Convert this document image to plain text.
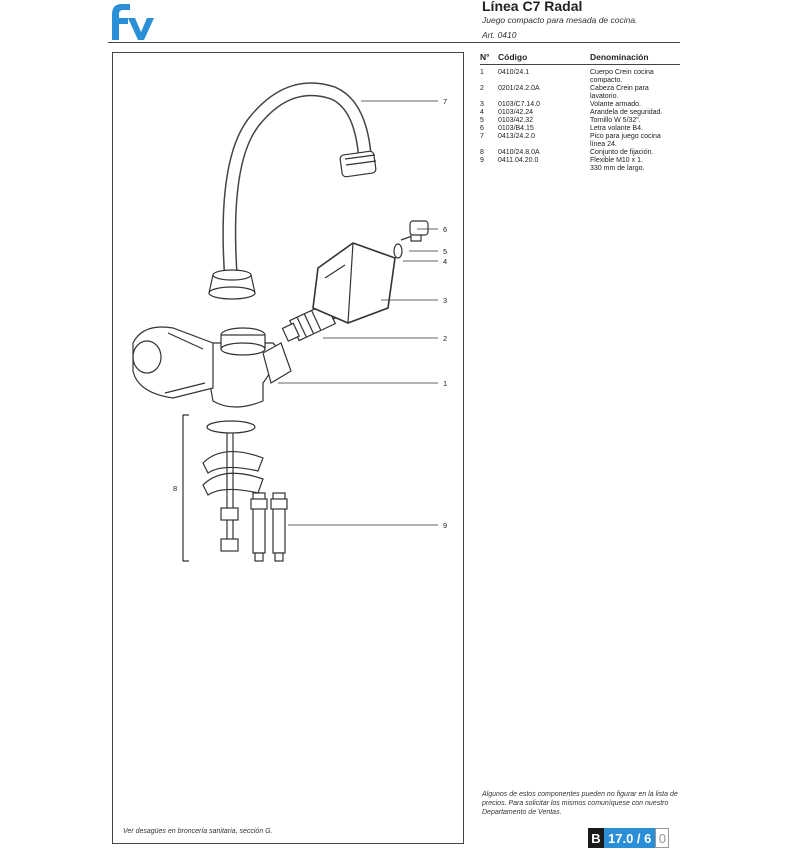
Línea C7 Radal
Juego compacto para mesada de cocina.
Art. 0410
7
6
5
4
3
2
1
8
9
Ver desagües en broncería sanitaria, sección G.
N° Código	Denominación
1	0410/24.1	Cuerpo Crein cocina
compacto.
2	0201/24.2.0A	Cabeza Crein para
lavatorio.
3	0103/C7.14.0	Volante armado.
4	0103/42.24	Arandela de seguridad.
5	0103/42.32	Tornillo W 5/32".
6	0103/B4.15	Letra volante B4.
7	0413/24.2.0	Pico para juego cocina
línea 24.
8	0410/24.8.0A	Conjunto de fijación.
9	0411.04.20.0	Flexible M10 x 1.
330 mm de largo.
Algunos de estos componentes pueden no figurar en la lista de precios. Para solicitar los mismos comuníquese con nuestro Departamento de Ventas.
B 17.0 / 6 0
